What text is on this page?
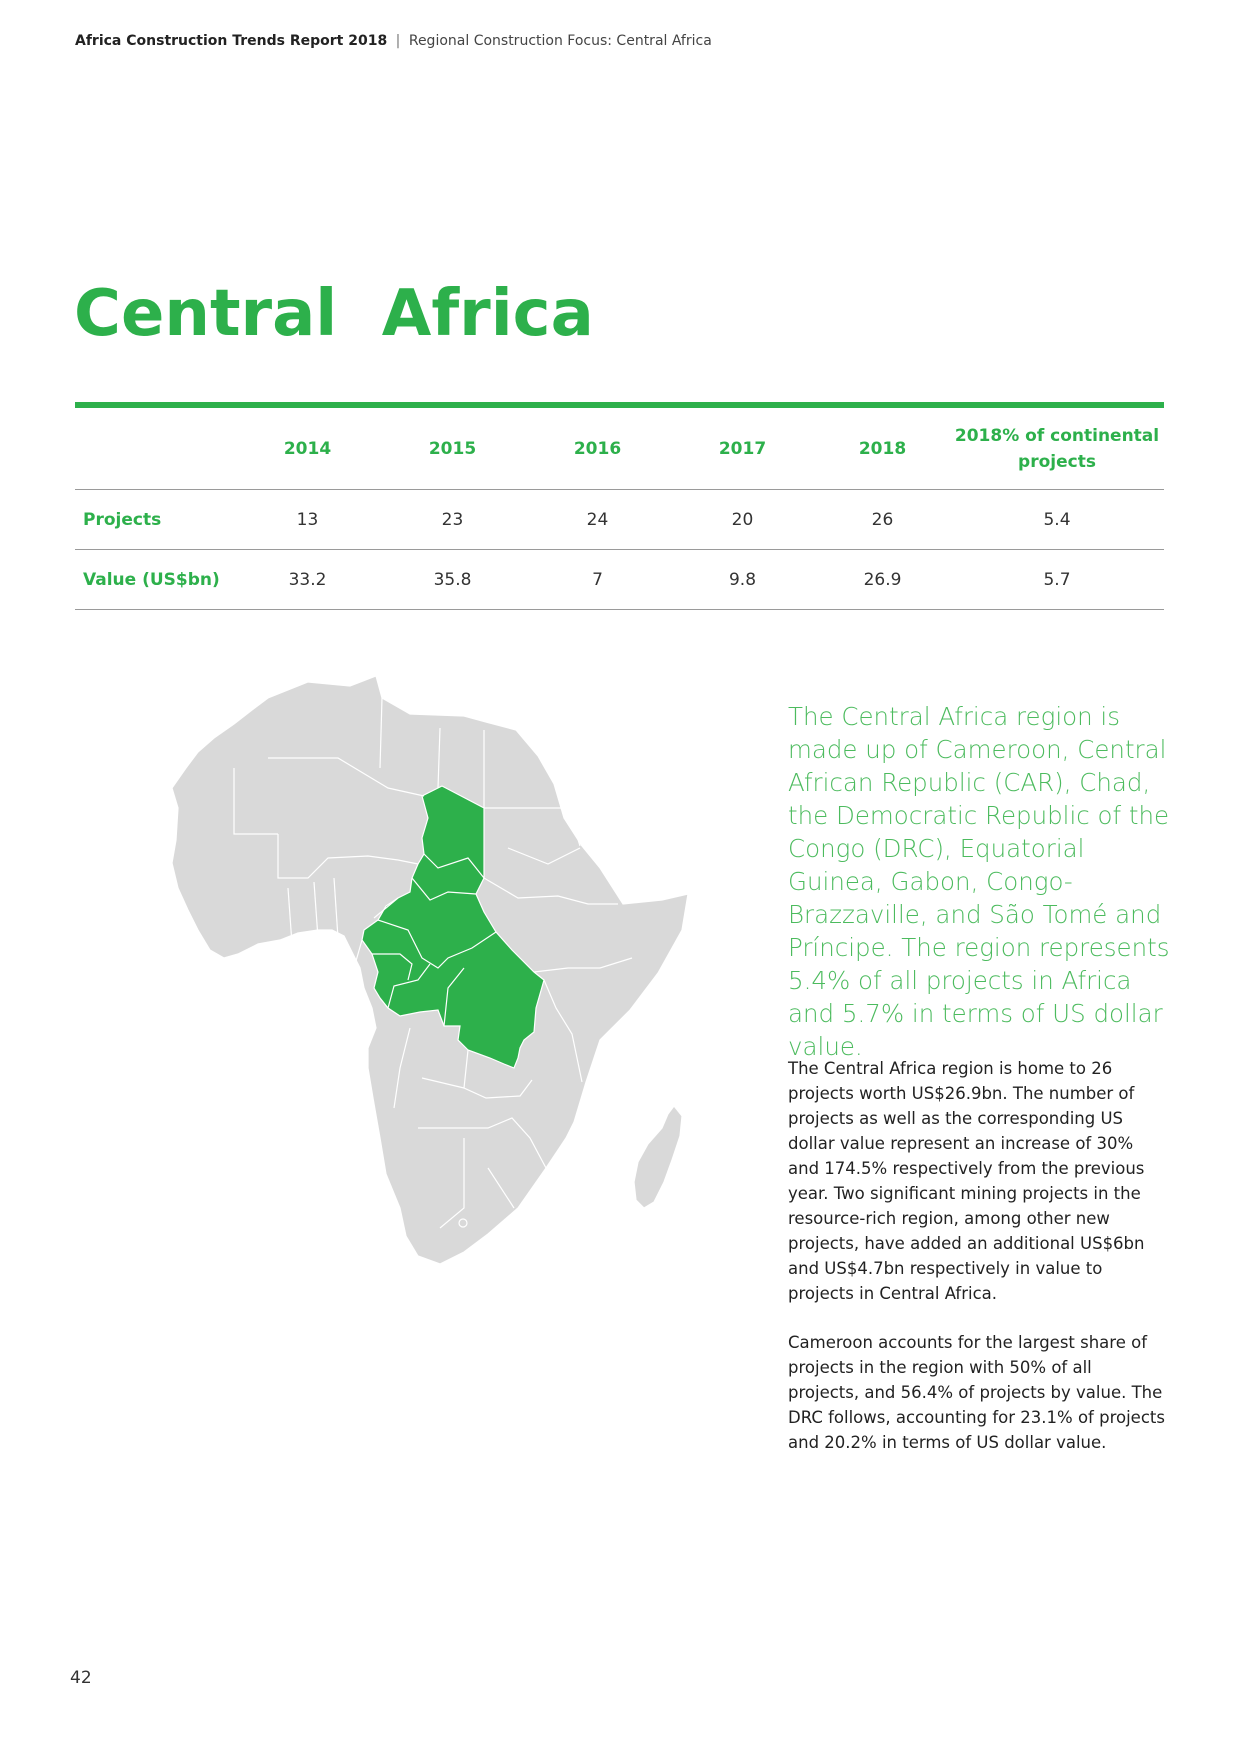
Africa Construction Trends Report 2018 | Regional Construction Focus: Central Africa
Central  Africa
	2014	2015	2016	2017	2018	2018% of continental projects
Projects	13	23	24	20	26	5.4
Value (US$bn)	33.2	35.8	7	9.8	26.9	5.7

The Central Africa region is made up of Cameroon, Central African Republic (CAR), Chad, the Democratic Republic of the Congo (DRC), Equatorial Guinea, Gabon, Congo-Brazzaville, and São Tomé and Príncipe. The region represents 5.4% of all projects in Africa and 5.7% in terms of US dollar value.

The Central Africa region is home to 26 projects worth US$26.9bn. The number of projects as well as the corresponding US dollar value represent an increase of 30% and 174.5% respectively from the previous year. Two significant mining projects in the resource-rich region, among other new projects, have added an additional US$6bn and US$4.7bn respectively in value to projects in Central Africa.

Cameroon accounts for the largest share of projects in the region with 50% of all projects, and 56.4% of projects by value. The DRC follows, accounting for 23.1% of projects and 20.2% in terms of US dollar value.

42
